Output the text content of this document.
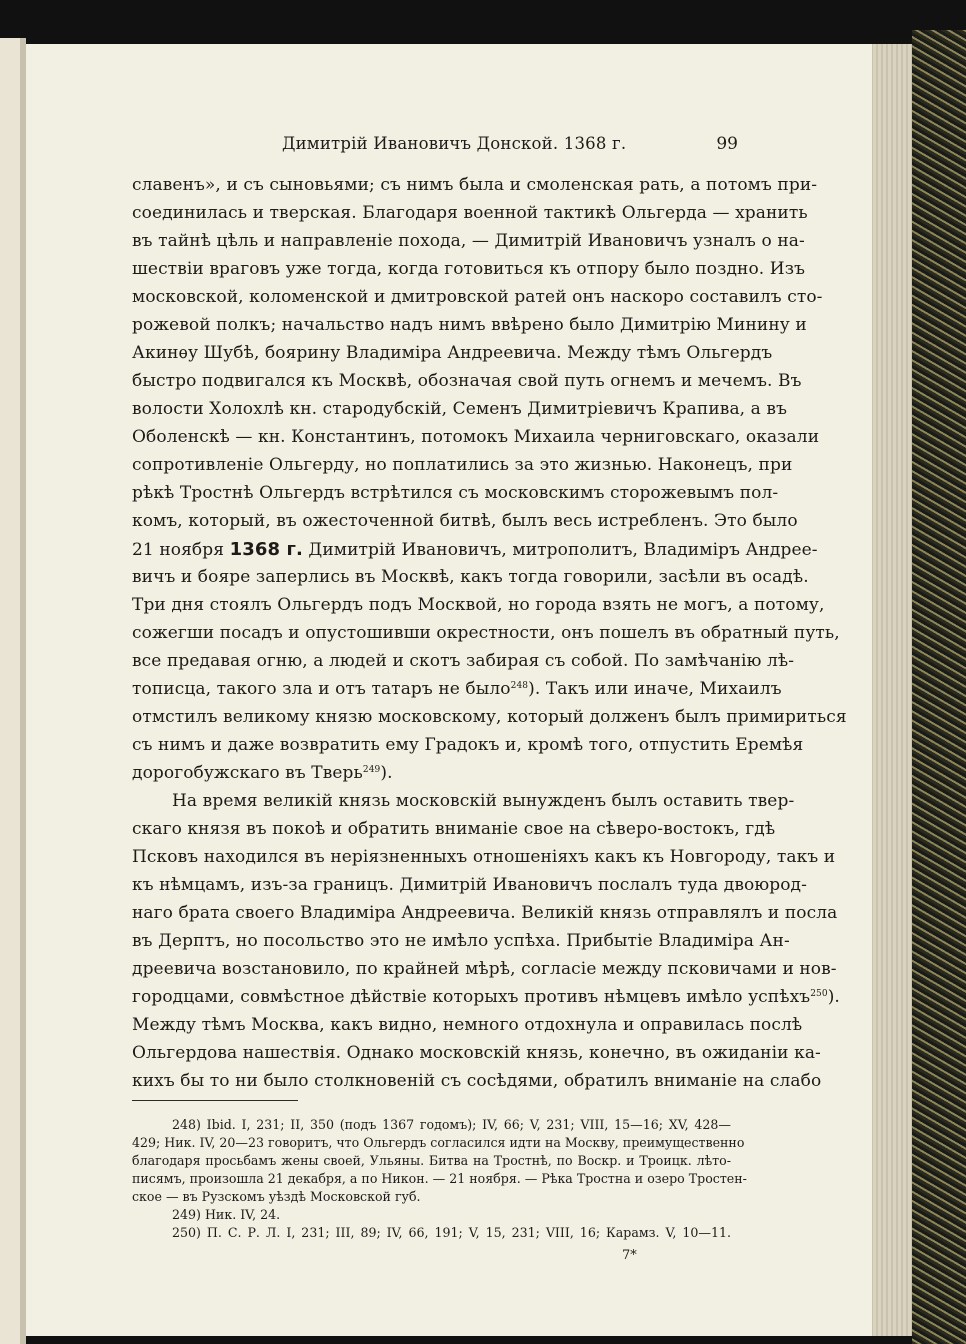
Димитрій Ивановичъ Донской. 1368 г.	99
славенъ», и съ сыновьями; съ нимъ была и смоленская рать, а потомъ при-
соединилась и тверская. Благодаря военной тактикѣ Ольгерда — хранить
въ тайнѣ цѣль и направленіе похода, — Димитрій Ивановичъ узналъ о на-
шествіи враговъ уже тогда, когда готовиться къ отпору было поздно. Изъ
московской, коломенской и дмитровской ратей онъ наскоро составилъ сто-
рожевой полкъ; начальство надъ нимъ ввѣрено было Димитрію Минину и
Акинѳу Шубѣ, боярину Владиміра Андреевича. Между тѣмъ Ольгердъ
быстро подвигался къ Москвѣ, обозначая свой путь огнемъ и мечемъ. Въ
волости Холохлѣ кн. стародубскій, Семенъ Димитріевичъ Крапива, а въ
Оболенскѣ — кн. Константинъ, потомокъ Михаила черниговскаго, оказали
сопротивленіе Ольгерду, но поплатились за это жизнью. Наконецъ, при
рѣкѣ Тростнѣ Ольгердъ встрѣтился съ московскимъ сторожевымъ пол-
комъ, который, въ ожесточенной битвѣ, былъ весь истребленъ. Это было
21 ноября 1368 г. Димитрій Ивановичъ, митрополитъ, Владиміръ Андрее-
вичъ и бояре заперлись въ Москвѣ, какъ тогда говорили, засѣли въ осадѣ.
Три дня стоялъ Ольгердъ подъ Москвой, но города взять не могъ, а потому,
сожегши посадъ и опустошивши окрестности, онъ пошелъ въ обратный путь,
все предавая огню, а людей и скотъ забирая съ собой. По замѣчанію лѣ-
тописца, такого зла и отъ татаръ не было$^{248}$). Такъ или иначе, Михаилъ
отмстилъ великому князю московскому, который долженъ былъ примириться
съ нимъ и даже возвратить ему Градокъ и, кромѣ того, отпустить Еремѣя
дорогобужскаго въ Тверь$^{249}$).
На время великій князь московскій вынужденъ былъ оставить твер-
скаго князя въ покоѣ и обратить вниманіе свое на сѣверо-востокъ, гдѣ
Псковъ находился въ неріязненныхъ отношеніяхъ какъ къ Новгороду, такъ и
къ нѣмцамъ, изъ-за границъ. Димитрій Ивановичъ послалъ туда двоюрод-
наго брата своего Владиміра Андреевича. Великій князь отправлялъ и посла
въ Дерптъ, но посольство это не имѣло успѣха. Прибытіе Владиміра Ан-
дреевича возстановило, по крайней мѣрѣ, согласіе между псковичами и нов-
городцами, совмѣстное дѣйствіе которыхъ противъ нѣмцевъ имѣло успѣхъ$^{250}$).
Между тѣмъ Москва, какъ видно, немного отдохнула и оправилась послѣ
Ольгердова нашествія. Однако московскій князь, конечно, въ ожиданіи ка-
кихъ бы то ни было столкновеній съ сосѣдями, обратилъ вниманіе на слабо
248) Ibid. I, 231; II, 350 (подъ 1367 годомъ); IV, 66; V, 231; VIII, 15—16; XV, 428—
429; Ник. IV, 20—23 говоритъ, что Ольгердъ согласился идти на Москву, преимущественно
благодаря просьбамъ жены своей, Ульяны. Битва на Тростнѣ, по Воскр. и Троицк. лѣто-
писямъ, произошла 21 декабря, а по Никон. — 21 ноября. — Рѣка Тростна и озеро Тростен-
ское — въ Рузскомъ уѣздѣ Московской губ.
249) Ник. IV, 24.
250) П. С. Р. Л. I, 231; III, 89; IV, 66, 191; V, 15, 231; VIII, 16; Карамз. V, 10—11.
7*
